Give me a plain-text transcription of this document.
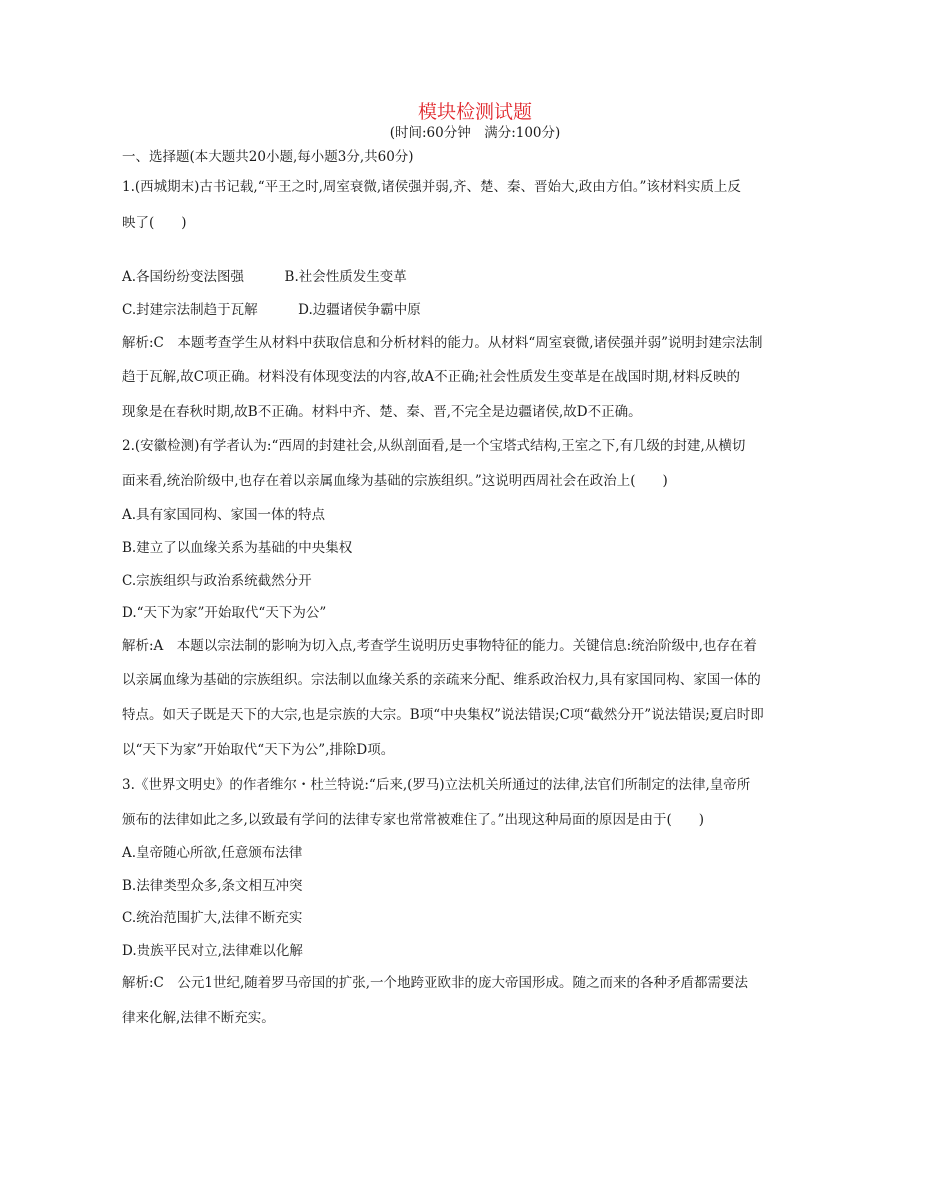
模块检测试题
(时间:60分钟　满分:100分)
一、选择题(本大题共20小题,每小题3分,共60分)
1.(西城期末)古书记载,“平王之时,周室衰微,诸侯强并弱,齐、楚、秦、晋始大,政由方伯。”该材料实质上反
映了(　　)
A.各国纷纷变法图强　　　B.社会性质发生变革
C.封建宗法制趋于瓦解　　　D.边疆诸侯争霸中原
解析:C　本题考查学生从材料中获取信息和分析材料的能力。从材料“周室衰微,诸侯强并弱”说明封建宗法制
趋于瓦解,故C项正确。材料没有体现变法的内容,故A不正确;社会性质发生变革是在战国时期,材料反映的
现象是在春秋时期,故B不正确。材料中齐、楚、秦、晋,不完全是边疆诸侯,故D不正确。
2.(安徽检测)有学者认为:“西周的封建社会,从纵剖面看,是一个宝塔式结构,王室之下,有几级的封建,从横切
面来看,统治阶级中,也存在着以亲属血缘为基础的宗族组织。”这说明西周社会在政治上(　　)
A.具有家国同构、家国一体的特点
B.建立了以血缘关系为基础的中央集权
C.宗族组织与政治系统截然分开
D.“天下为家”开始取代“天下为公”
解析:A　本题以宗法制的影响为切入点,考查学生说明历史事物特征的能力。关键信息:统治阶级中,也存在着
以亲属血缘为基础的宗族组织。宗法制以血缘关系的亲疏来分配、维系政治权力,具有家国同构、家国一体的
特点。如天子既是天下的大宗,也是宗族的大宗。B项“中央集权”说法错误;C项“截然分开”说法错误;夏启时即
以“天下为家”开始取代“天下为公”,排除D项。
3.《世界文明史》的作者维尔・杜兰特说:“后来,(罗马)立法机关所通过的法律,法官们所制定的法律,皇帝所
颁布的法律如此之多,以致最有学问的法律专家也常常被难住了。”出现这种局面的原因是由于(　　)
A.皇帝随心所欲,任意颁布法律
B.法律类型众多,条文相互冲突
C.统治范围扩大,法律不断充实
D.贵族平民对立,法律难以化解
解析:C　公元1世纪,随着罗马帝国的扩张,一个地跨亚欧非的庞大帝国形成。随之而来的各种矛盾都需要法
律来化解,法律不断充实。
